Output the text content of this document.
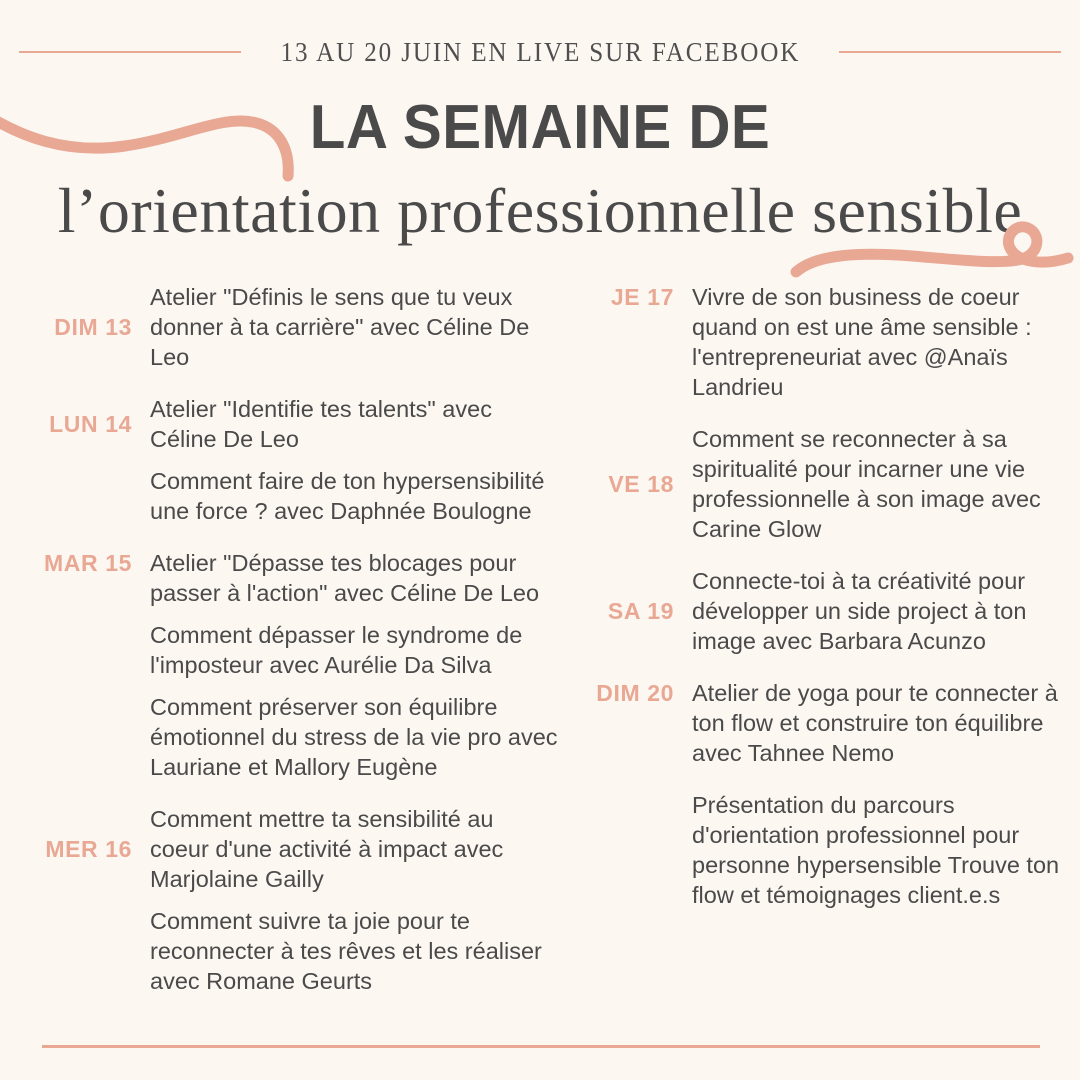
13 AU 20 JUIN EN LIVE SUR FACEBOOK
LA SEMAINE DE
l’orientation professionnelle sensible
DIM 13
Atelier "Définis le sens que tu veux donner à ta carrière" avec Céline De Leo
LUN 14
Atelier "Identifie tes talents" avec Céline De Leo
Comment faire de ton hypersensibilité une force ? avec Daphnée Boulogne
MAR 15 Atelier "Dépasse tes blocages pour passer à l'action" avec Céline De Leo
Comment dépasser le syndrome de l'imposteur avec Aurélie Da Silva
Comment préserver son équilibre émotionnel du stress de la vie pro avec Lauriane et Mallory Eugène
MER 16
Comment mettre ta sensibilité au coeur d'une activité à impact avec Marjolaine Gailly
Comment suivre ta joie pour te reconnecter à tes rêves et les réaliser avec Romane Geurts
JE 17 Vivre de son business de coeur quand on est une âme sensible : l'entrepreneuriat avec @Anaïs Landrieu
VE 18
Comment se reconnecter à sa spiritualité pour incarner une vie professionnelle à son image avec Carine Glow
SA 19
Connecte-toi à ta créativité pour développer un side project à ton image avec Barbara Acunzo
DIM 20 Atelier de yoga pour te connecter à ton flow et construire ton équilibre avec Tahnee Nemo
Présentation du parcours d'orientation professionnel pour personne hypersensible Trouve ton flow et témoignages client.e.s
